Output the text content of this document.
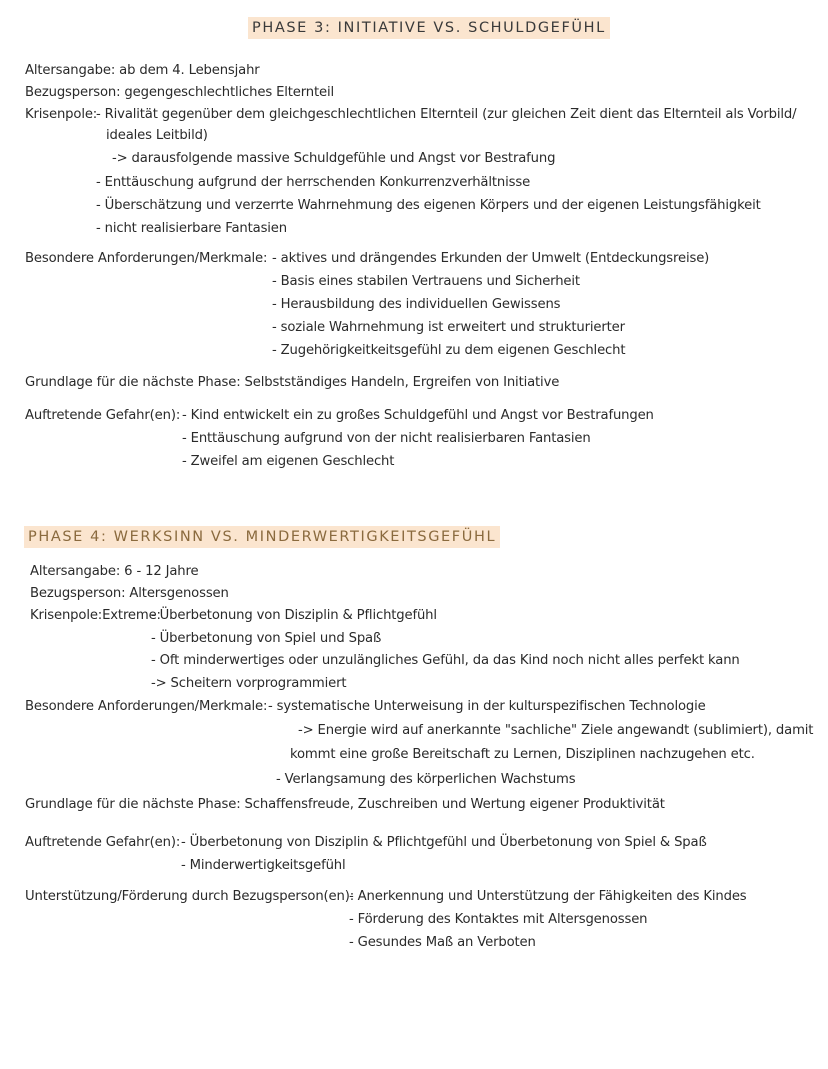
PHASE 3: INITIATIVE VS. SCHULDGEFÜHL
Altersangabe: ab dem 4. Lebensjahr
Bezugsperson: gegengeschlechtliches Elternteil
Krisenpole:
- Rivalität gegenüber dem gleichgeschlechtlichen Elternteil (zur gleichen Zeit dient das Elternteil als Vorbild/
ideales Leitbild)
-> darausfolgende massive Schuldgefühle und Angst vor Bestrafung
- Enttäuschung aufgrund der herrschenden Konkurrenzverhältnisse
- Überschätzung und verzerrte Wahrnehmung des eigenen Körpers und der eigenen Leistungsfähigkeit
- nicht realisierbare Fantasien
Besondere Anforderungen/Merkmale: - aktives und drängendes Erkunden der Umwelt (Entdeckungsreise)
- Basis eines stabilen Vertrauens und Sicherheit
- Herausbildung des individuellen Gewissens
- soziale Wahrnehmung ist erweitert und strukturierter
- Zugehörigkeitkeitsgefühl zu dem eigenen Geschlecht
Grundlage für die nächste Phase: Selbstständiges Handeln, Ergreifen von Initiative
Auftretende Gefahr(en): - Kind entwickelt ein zu großes Schuldgefühl und Angst vor Bestrafungen
- Enttäuschung aufgrund von der nicht realisierbaren Fantasien
- Zweifel am eigenen Geschlecht
PHASE 4: WERKSINN VS. MINDERWERTIGKEITSGEFÜHL
Altersangabe: 6 - 12 Jahre
Bezugsperson: Altersgenossen
Krisenpole:Extreme:
- Überbetonung von Disziplin & Pflichtgefühl
- Überbetonung von Spiel und Spaß
- Oft minderwertiges oder unzulängliches Gefühl, da das Kind noch nicht alles perfekt kann
-> Scheitern vorprogrammiert
Besondere Anforderungen/Merkmale: - systematische Unterweisung in der kulturspezifischen Technologie
-> Energie wird auf anerkannte "sachliche" Ziele angewandt (sublimiert), damit
kommt eine große Bereitschaft zu Lernen, Disziplinen nachzugehen etc.
- Verlangsamung des körperlichen Wachstums
Grundlage für die nächste Phase: Schaffensfreude, Zuschreiben und Wertung eigener Produktivität
Auftretende Gefahr(en): - Überbetonung von Disziplin & Pflichtgefühl und Überbetonung von Spiel & Spaß
- Minderwertigkeitsgefühl
Unterstützung/Förderung durch Bezugsperson(en):
- Anerkennung und Unterstützung der Fähigkeiten des Kindes
- Förderung des Kontaktes mit Altersgenossen
- Gesundes Maß an Verboten
